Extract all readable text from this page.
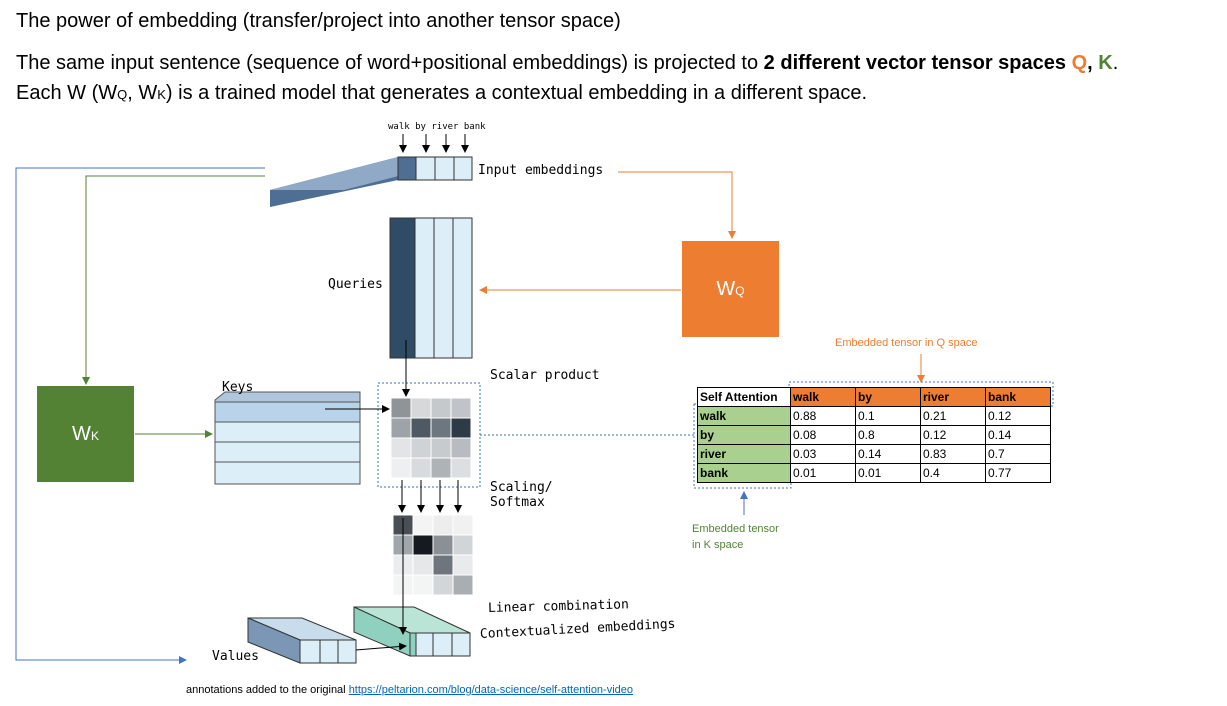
The power of embedding (transfer/project into another tensor space)
The same input sentence (sequence of word+positional embeddings) is projected to 2 different vector tensor spaces Q, K.
Each W (WQ, WK) is a trained model that generates a contextual embedding in a different space.
walk by river bank
Input embeddings
Queries
Keys
Scalar product
Scaling/
Softmax
Linear combination
Contextualized embeddings
Values
$W_Q$
$W_K$
Embedded tensor in Q space
Embedded tensor
in K space
Self Attention	walk	by	river	bank
walk	0.88	0.1	0.21	0.12
by	0.08	0.8	0.12	0.14
river	0.03	0.14	0.83	0.7
bank	0.01	0.01	0.4	0.77
annotations added to the original https://peltarion.com/blog/data-science/self-attention-video
